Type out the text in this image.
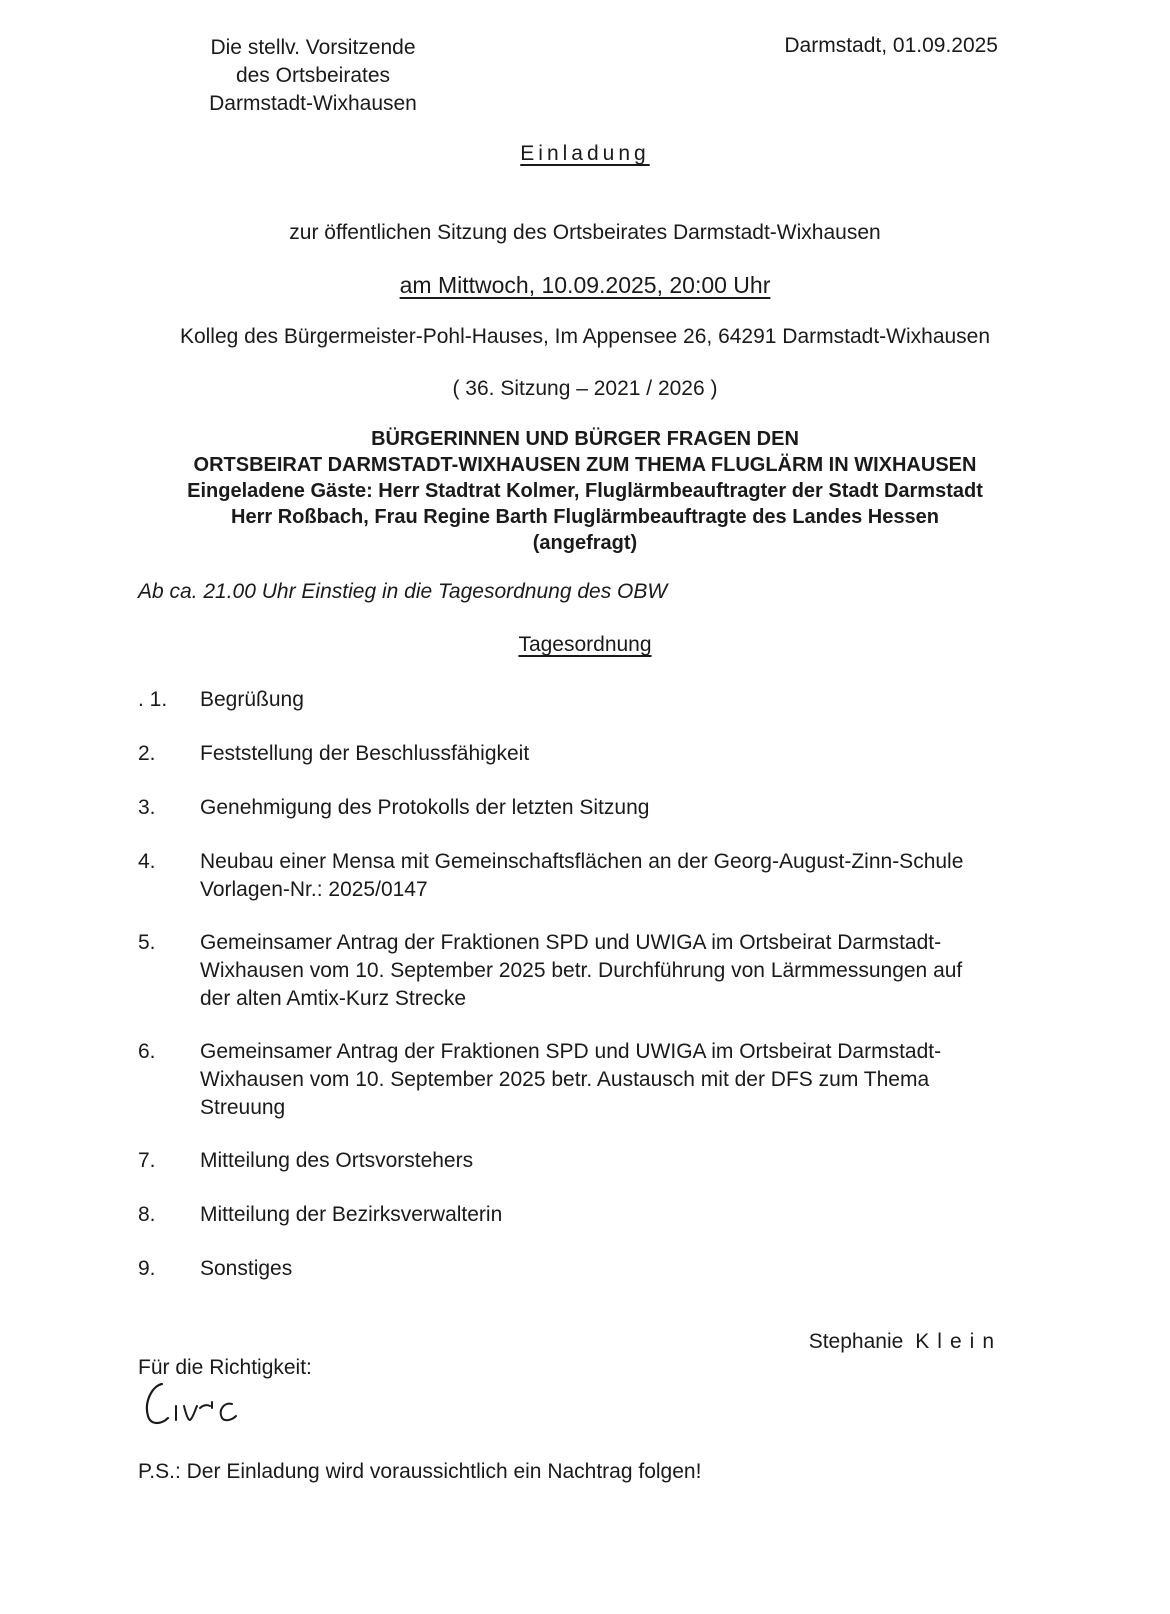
Die stellv. Vorsitzende
des Ortsbeirates
Darmstadt-Wixhausen
Darmstadt, 01.09.2025
Einladung
zur öffentlichen Sitzung des Ortsbeirates Darmstadt-Wixhausen
am Mittwoch, 10.09.2025, 20:00 Uhr
Kolleg des Bürgermeister-Pohl-Hauses, Im Appensee 26, 64291 Darmstadt-Wixhausen
( 36. Sitzung – 2021 / 2026 )
BÜRGERINNEN UND BÜRGER FRAGEN DEN
ORTSBEIRAT DARMSTADT-WIXHAUSEN ZUM THEMA FLUGLÄRM IN WIXHAUSEN
Eingeladene Gäste: Herr Stadtrat Kolmer, Fluglärmbeauftragter der Stadt Darmstadt
Herr Roßbach, Frau Regine Barth Fluglärmbeauftragte des Landes Hessen
(angefragt)
Ab ca. 21.00 Uhr Einstieg in die Tagesordnung des OBW
Tagesordnung
. 1.	Begrüßung
2.	Feststellung der Beschlussfähigkeit
3.	Genehmigung des Protokolls der letzten Sitzung
4.	Neubau einer Mensa mit Gemeinschaftsflächen an der Georg-August-Zinn-Schule
Vorlagen-Nr.: 2025/0147
5.	Gemeinsamer Antrag der Fraktionen SPD und UWIGA im Ortsbeirat Darmstadt-
Wixhausen vom 10. September 2025 betr. Durchführung von Lärmmessungen auf
der alten Amtix-Kurz Strecke
6.	Gemeinsamer Antrag der Fraktionen SPD und UWIGA im Ortsbeirat Darmstadt-
Wixhausen vom 10. September 2025 betr. Austausch mit der DFS zum Thema
Streuung
7.	Mitteilung des Ortsvorstehers
8.	Mitteilung der Bezirksverwalterin
9.	Sonstiges
Stephanie Klein
Für die Richtigkeit:
P.S.: Der Einladung wird voraussichtlich ein Nachtrag folgen!
